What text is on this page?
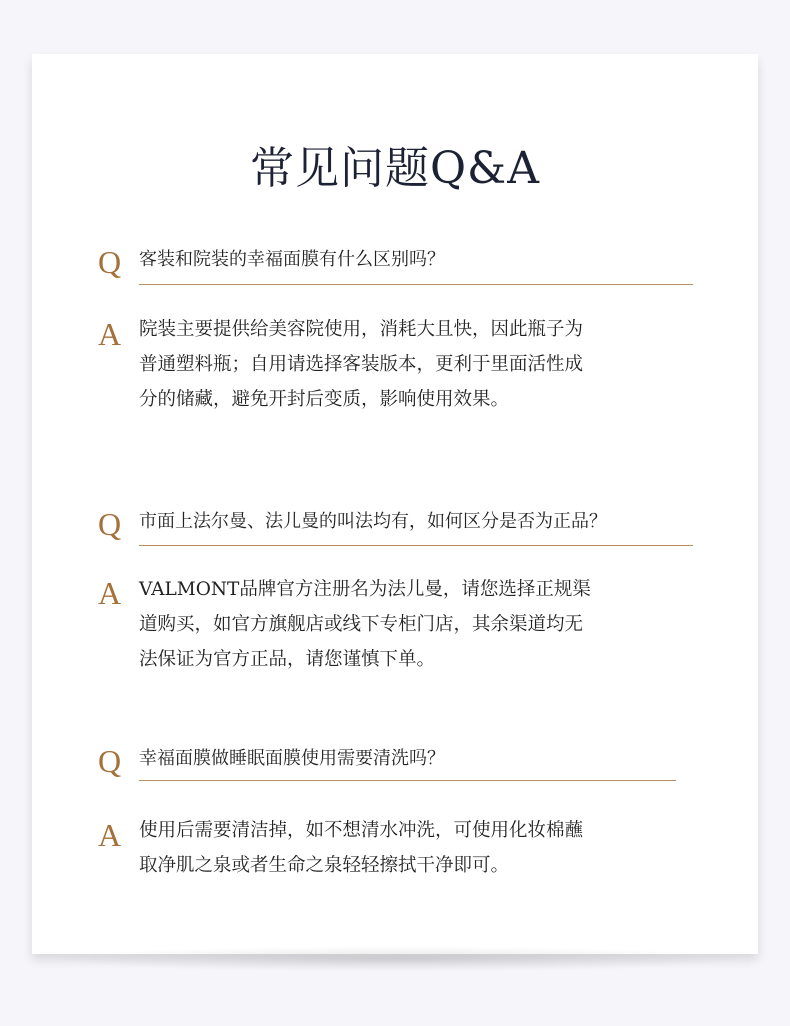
常见问题Q&A
Q 客装和院装的幸福面膜有什么区别吗？
A 院装主要提供给美容院使用，消耗大且快，因此瓶子为
普通塑料瓶；自用请选择客装版本，更利于里面活性成
分的储藏，避免开封后变质，影响使用效果。
Q 市面上法尔曼、法儿曼的叫法均有，如何区分是否为正品？
A VALMONT品牌官方注册名为法儿曼，请您选择正规渠
道购买，如官方旗舰店或线下专柜门店，其余渠道均无
法保证为官方正品，请您谨慎下单。
Q 幸福面膜做睡眠面膜使用需要清洗吗？
A 使用后需要清洁掉，如不想清水冲洗，可使用化妆棉蘸
取净肌之泉或者生命之泉轻轻擦拭干净即可。
